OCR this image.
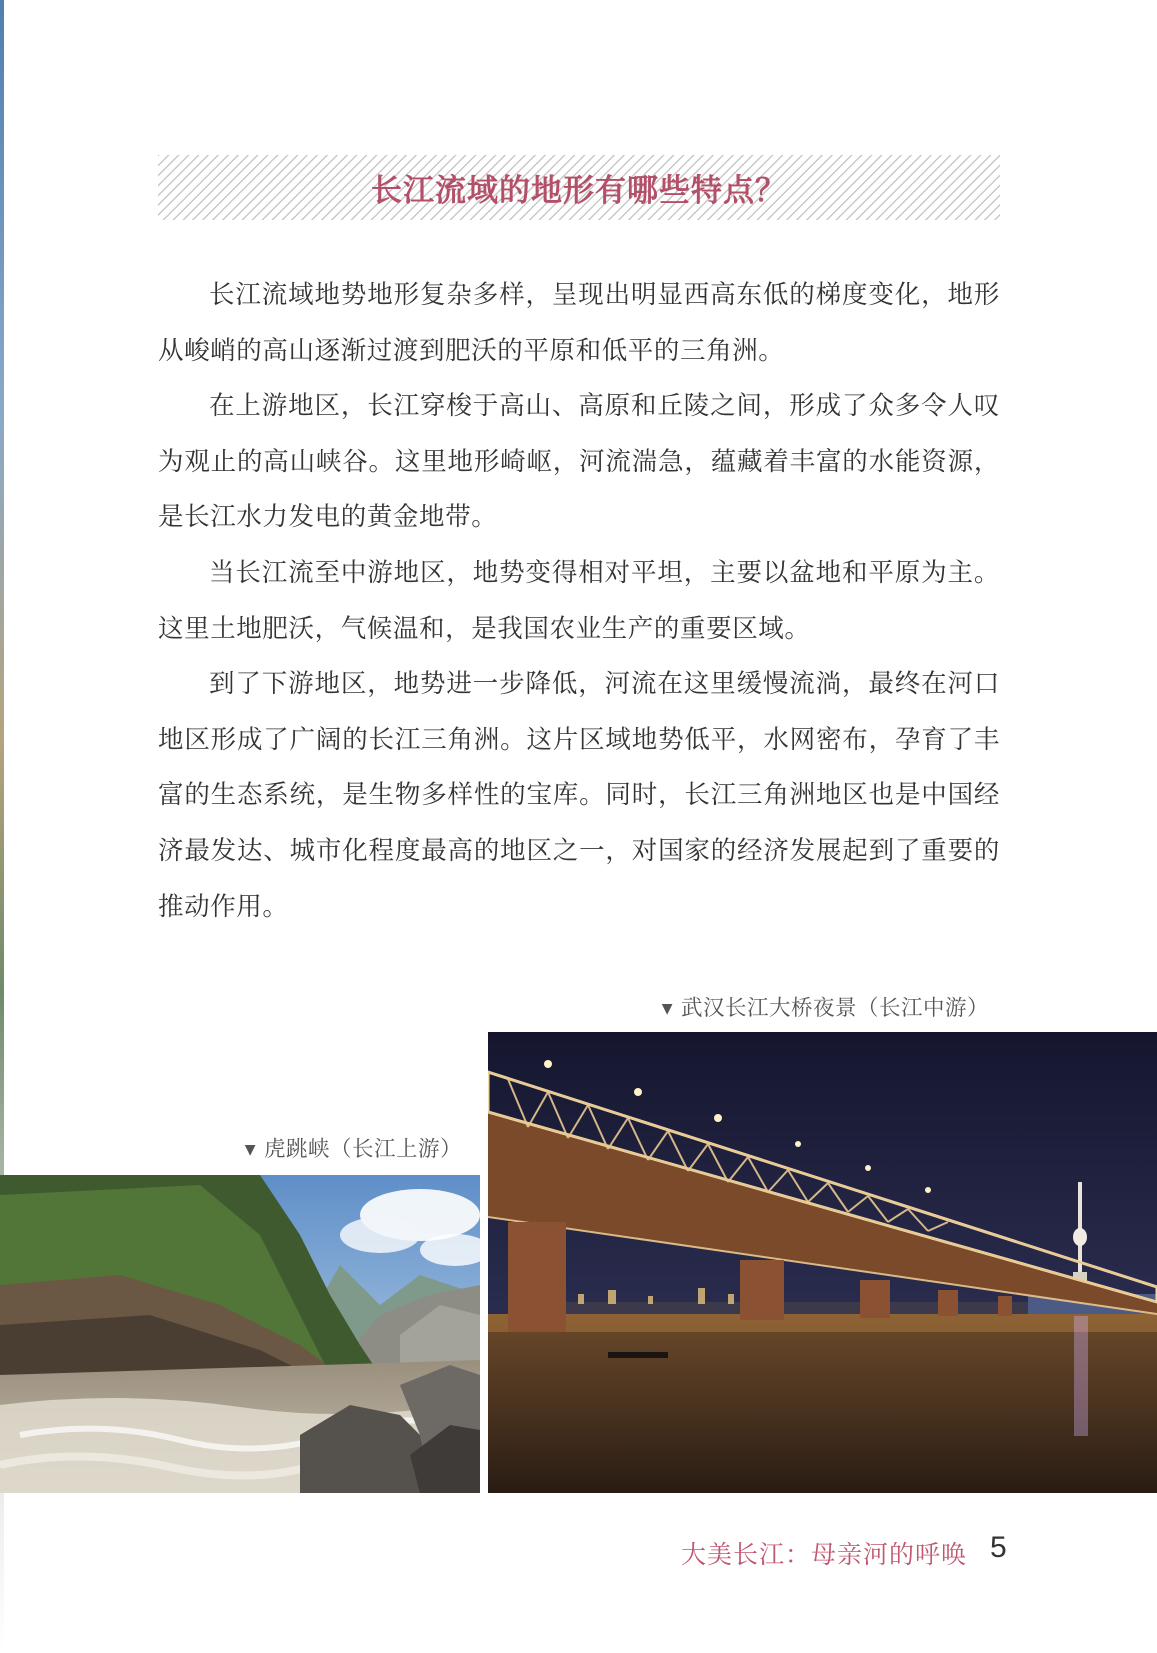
长江流域的地形有哪些特点？

长江流域地势地形复杂多样，呈现出明显西高东低的梯度变化，地形从峻峭的高山逐渐过渡到肥沃的平原和低平的三角洲。

在上游地区，长江穿梭于高山、高原和丘陵之间，形成了众多令人叹为观止的高山峡谷。这里地形崎岖，河流湍急，蕴藏着丰富的水能资源，是长江水力发电的黄金地带。

当长江流至中游地区，地势变得相对平坦，主要以盆地和平原为主。这里土地肥沃，气候温和，是我国农业生产的重要区域。

到了下游地区，地势进一步降低，河流在这里缓慢流淌，最终在河口地区形成了广阔的长江三角洲。这片区域地势低平，水网密布，孕育了丰富的生态系统，是生物多样性的宝库。同时，长江三角洲地区也是中国经济最发达、城市化程度最高的地区之一，对国家的经济发展起到了重要的推动作用。

▼ 武汉长江大桥夜景（长江中游）
▼ 虎跳峡（长江上游）
大美长江：母亲河的呼唤 5
